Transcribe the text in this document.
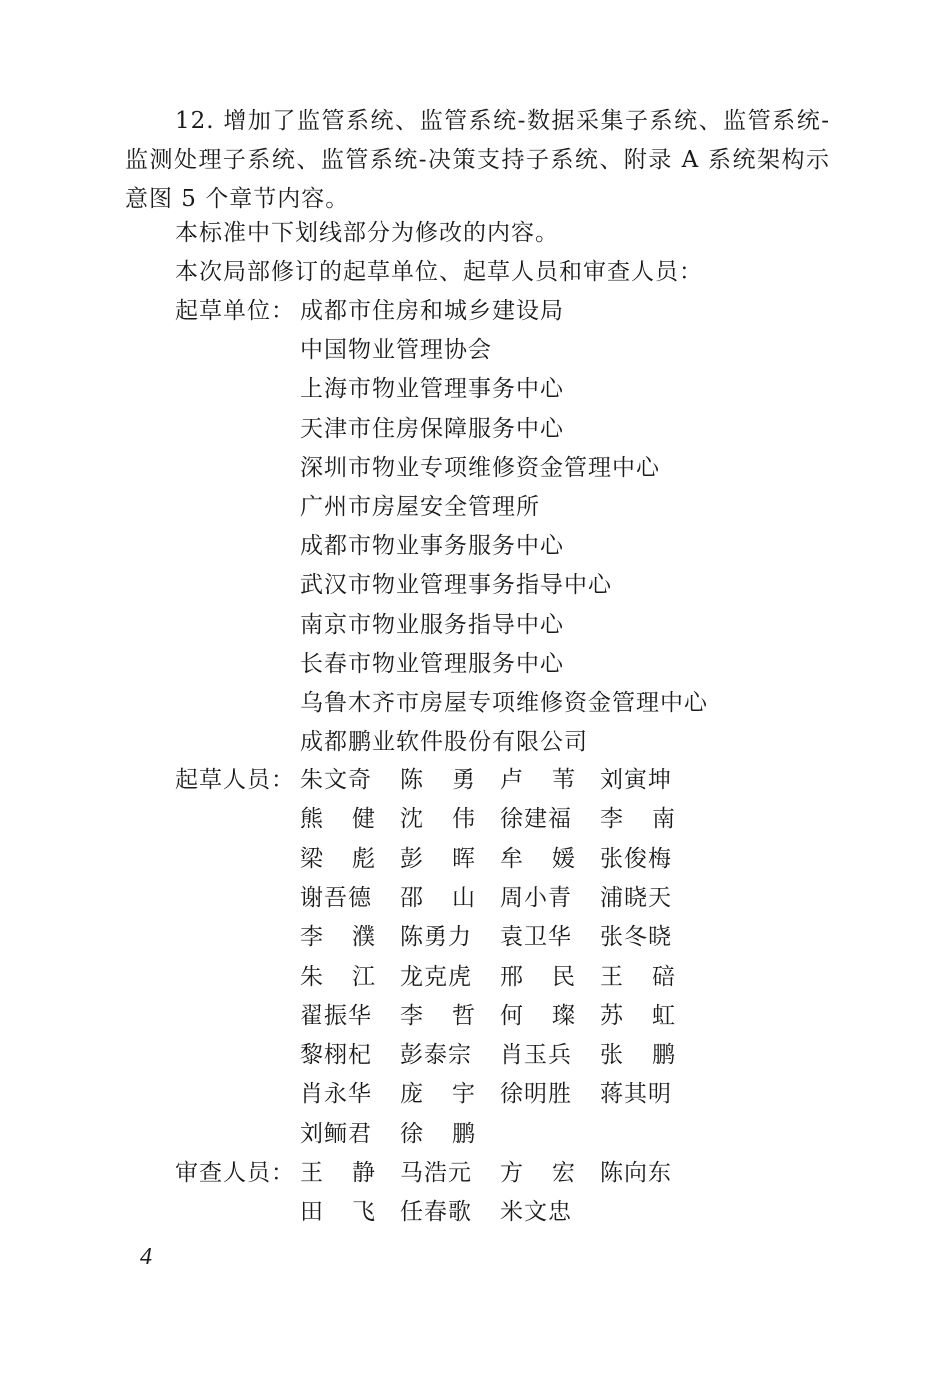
12. 增加了监管系统、监管系统-数据采集子系统、监管系统-监测处理子系统、监管系统-决策支持子系统、附录 A 系统架构示意图 5 个章节内容。
本标准中下划线部分为修改的内容。
本次局部修订的起草单位、起草人员和审查人员：
起草单位： 成都市住房和城乡建设局
中国物业管理协会
上海市物业管理事务中心
天津市住房保障服务中心
深圳市物业专项维修资金管理中心
广州市房屋安全管理所
成都市物业事务服务中心
武汉市物业管理事务指导中心
南京市物业服务指导中心
长春市物业管理服务中心
乌鲁木齐市房屋专项维修资金管理中心
成都鹏业软件股份有限公司
起草人员： 朱文奇 陈 勇 卢 苇 刘寅坤
熊 健 沈 伟 徐建福 李 南
梁 彪 彭 晖 牟 媛 张俊梅
谢吾德 邵 山 周小青 浦晓天
李 濮 陈勇力 袁卫华 张冬晓
朱 江 龙克虎 邢 民 王 碚
翟振华 李 哲 何 璨 苏 虹
黎栩杞 彭泰宗 肖玉兵 张 鹏
肖永华 庞 宇 徐明胜 蒋其明
刘鲕君 徐 鹏
审查人员： 王 静 马浩元 方 宏 陈向东
田 飞 任春歌 米文忠
4
